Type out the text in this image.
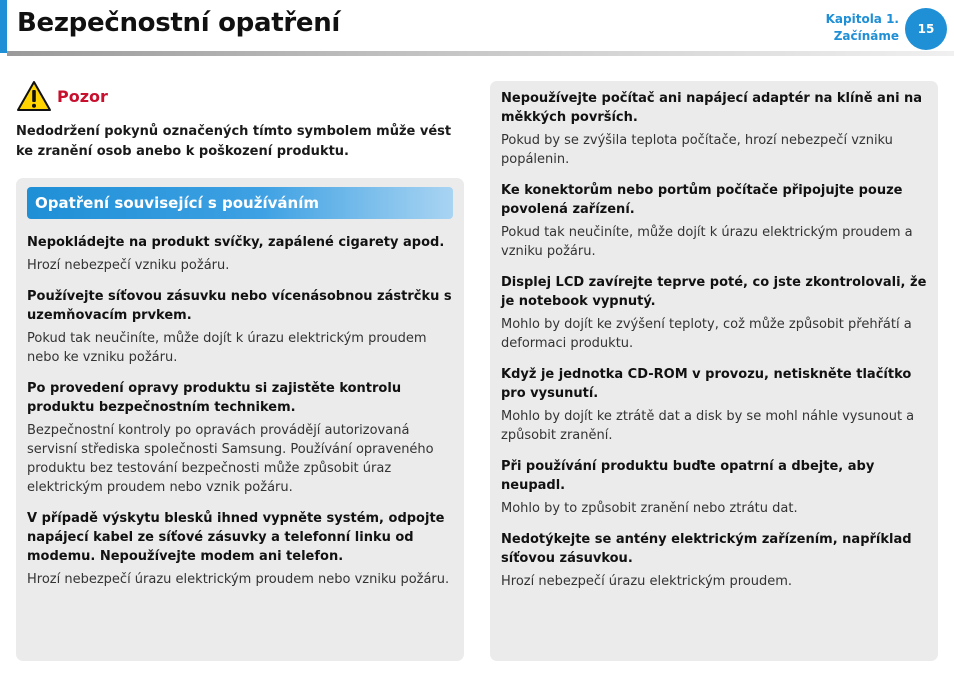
Bezpečnostní opatření	Kapitola 1.
Začínáme	15
Pozor
Nedodržení pokynů označených tímto symbolem může vést ke zranění osob anebo k poškození produktu.
Opatření související s používáním
Nepokládejte na produkt svíčky, zapálené cigarety apod.
Hrozí nebezpečí vzniku požáru.
Používejte síťovou zásuvku nebo vícenásobnou zástrčku s uzemňovacím prvkem.
Pokud tak neučiníte, může dojít k úrazu elektrickým proudem nebo ke vzniku požáru.
Po provedení opravy produktu si zajistěte kontrolu produktu bezpečnostním technikem.
Bezpečnostní kontroly po opravách provádějí autorizovaná servisní střediska společnosti Samsung. Používání opraveného produktu bez testování bezpečnosti může způsobit úraz elektrickým proudem nebo vznik požáru.
V případě výskytu blesků ihned vypněte systém, odpojte napájecí kabel ze síťové zásuvky a telefonní linku od modemu. Nepoužívejte modem ani telefon.
Hrozí nebezpečí úrazu elektrickým proudem nebo vzniku požáru.
Nepoužívejte počítač ani napájecí adaptér na klíně ani na měkkých površích.
Pokud by se zvýšila teplota počítače, hrozí nebezpečí vzniku popálenin.
Ke konektorům nebo portům počítače připojujte pouze povolená zařízení.
Pokud tak neučiníte, může dojít k úrazu elektrickým proudem a vzniku požáru.
Displej LCD zavírejte teprve poté, co jste zkontrolovali, že je notebook vypnutý.
Mohlo by dojít ke zvýšení teploty, což může způsobit přehřátí a deformaci produktu.
Když je jednotka CD-ROM v provozu, netiskněte tlačítko pro vysunutí.
Mohlo by dojít ke ztrátě dat a disk by se mohl náhle vysunout a způsobit zranění.
Při používání produktu buďte opatrní a dbejte, aby neupadl.
Mohlo by to způsobit zranění nebo ztrátu dat.
Nedotýkejte se antény elektrickým zařízením, například síťovou zásuvkou.
Hrozí nebezpečí úrazu elektrickým proudem.
